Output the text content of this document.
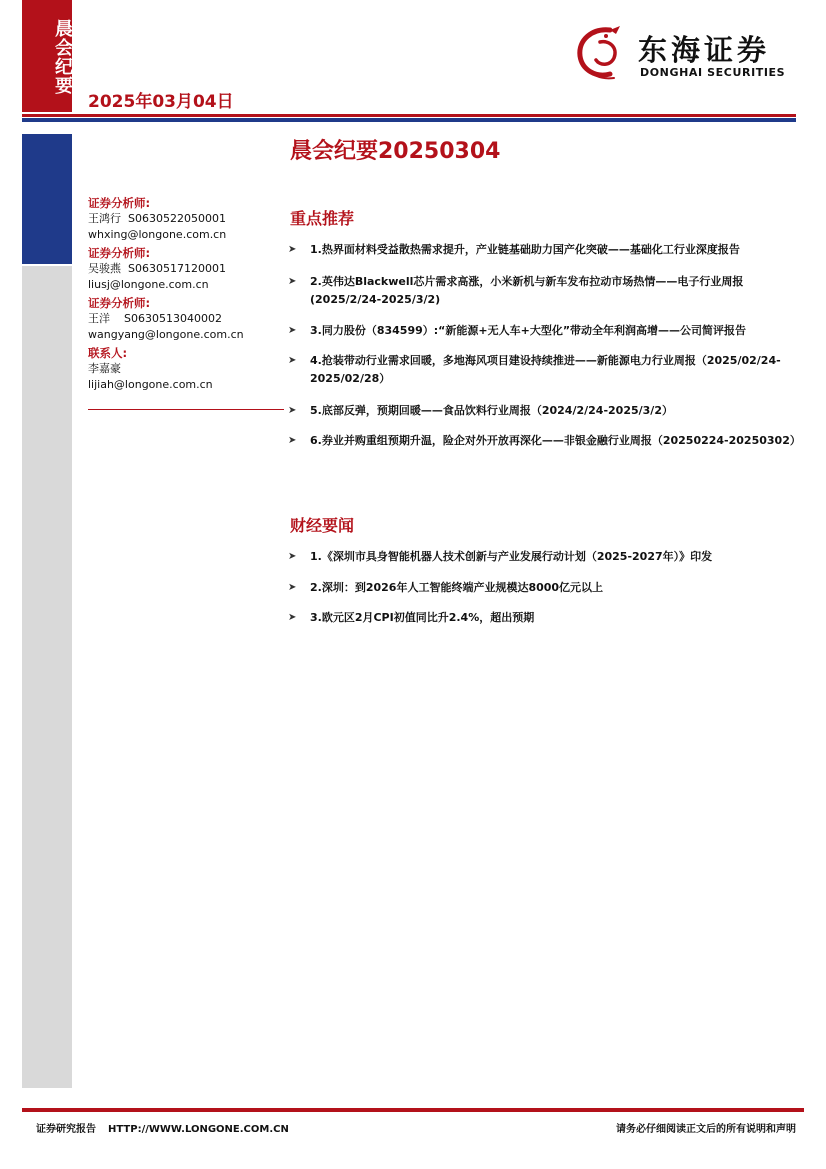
晨会纪要
2025年03月04日
东海证券
DONGHAI SECURITIES
晨会纪要20250304
证券分析师:
王鸿行  S0630522050001
whxing@longone.com.cn
证券分析师:
吴骏燕  S0630517120001
liusj@longone.com.cn
证券分析师:
王洋    S0630513040002
wangyang@longone.com.cn
联系人:
李嘉豪
lijiah@longone.com.cn
重点推荐
➤ 1.热界面材料受益散热需求提升，产业链基础助力国产化突破——基础化工行业深度报告
➤ 2.英伟达Blackwell芯片需求高涨，小米新机与新车发布拉动市场热情——电子行业周报(2025/2/24-2025/3/2)
➤ 3.同力股份（834599）:“新能源+无人车+大型化”带动全年利润高增——公司简评报告
➤ 4.抢装带动行业需求回暖，多地海风项目建设持续推进——新能源电力行业周报（2025/02/24-2025/02/28）
➤ 5.底部反弹，预期回暖——食品饮料行业周报（2024/2/24-2025/3/2）
➤ 6.券业并购重组预期升温，险企对外开放再深化——非银金融行业周报（20250224-20250302）
财经要闻
➤ 1.《深圳市具身智能机器人技术创新与产业发展行动计划（2025-2027年）》印发
➤ 2.深圳：到2026年人工智能终端产业规模达8000亿元以上
➤ 3.欧元区2月CPI初值同比升2.4%，超出预期
证券研究报告 HTTP://WWW.LONGONE.COM.CN	请务必仔细阅读正文后的所有说明和声明
